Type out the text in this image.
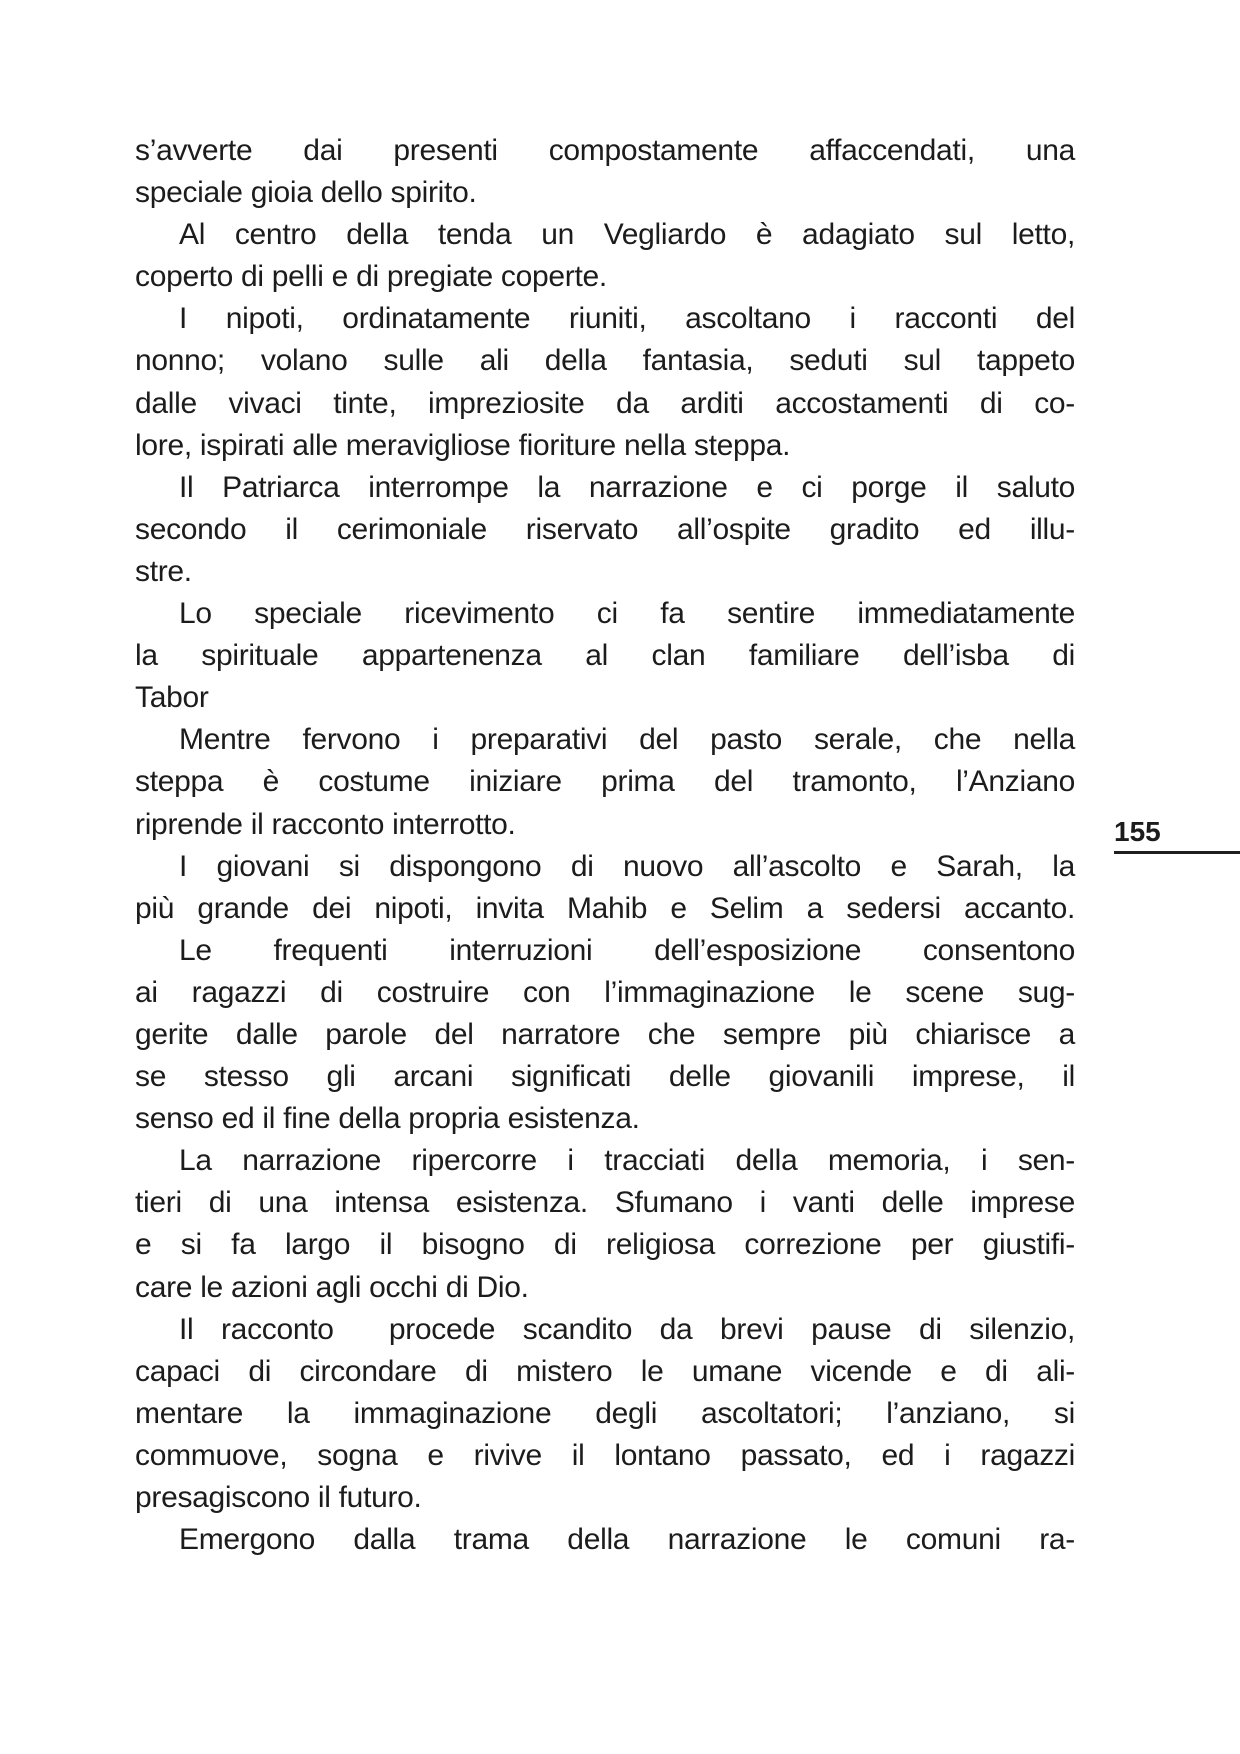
s’avverte dai presenti compostamente affaccendati, una
speciale gioia dello spirito.
Al centro della tenda un Vegliardo è adagiato sul letto,
coperto di pelli e di pregiate coperte.
I nipoti, ordinatamente riuniti, ascoltano i racconti del
nonno; volano sulle ali della fantasia, seduti sul tappeto
dalle vivaci tinte, impreziosite da arditi accostamenti di co-
lore, ispirati alle meravigliose fioriture nella steppa.
Il Patriarca interrompe la narrazione e ci porge il saluto
secondo il cerimoniale riservato all’ospite gradito ed illu-
stre.
Lo speciale ricevimento ci fa sentire immediatamente
la spirituale appartenenza al clan familiare dell’isba di
Tabor
Mentre fervono i preparativi del pasto serale, che nella
steppa è costume iniziare prima del tramonto, l’Anziano
riprende il racconto interrotto.
I giovani si dispongono di nuovo all’ascolto e Sarah, la
più grande dei nipoti, invita Mahib e Selim a sedersi accanto.
Le frequenti interruzioni dell’esposizione consentono
ai ragazzi di costruire con l’immaginazione le scene sug-
gerite dalle parole del narratore che sempre più chiarisce a
se stesso gli arcani significati delle giovanili imprese, il
senso ed il fine della propria esistenza.
La narrazione ripercorre i tracciati della memoria, i sen-
tieri di una intensa esistenza. Sfumano i vanti delle imprese
e si fa largo il bisogno di religiosa correzione per giustifi-
care le azioni agli occhi di Dio.
Il racconto  procede scandito da brevi pause di silenzio,
capaci di circondare di mistero le umane vicende e di ali-
mentare la immaginazione degli ascoltatori; l’anziano, si
commuove, sogna e rivive il lontano passato, ed i ragazzi
presagiscono il futuro.
Emergono dalla trama della narrazione le comuni ra-
155
